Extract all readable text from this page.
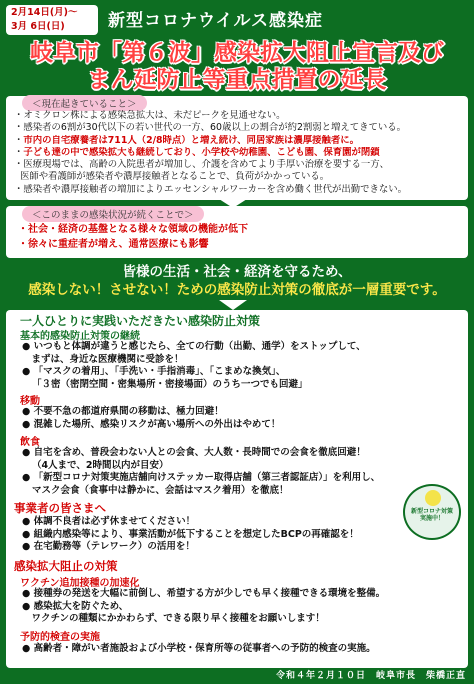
2月14日(月)～
3月 6日(日)	新型コロナウイルス感染症
岐阜市「第６波」感染拡大阻止宣言及び
まん延防止等重点措置の延長
＜現在起きていること＞
・オミクロン株による感染急拡大は、未だピークを見通せない。
・感染者の6割が30代以下の若い世代の一方、60歳以上の割合が約2割弱と増えてきている。
・市内の自宅療養者は711人（2/8時点）と増え続け、同居家族は濃厚接触者に。
・子ども達の中で感染拡大も継続しており、小学校や幼稚園、こども園、保育園が閉鎖
・医療現場では、高齢の入院患者が増加し、介護を含めてより手厚い治療を要する一方、
医師や看護師が感染者や濃厚接触者となることで、負荷がかかっている。
・感染者や濃厚接触者の増加によりエッセンシャルワーカーを含め働く世代が出勤できない。
＜このままの感染状況が続くことで＞
・ 社会・経済の基盤となる様々な領域の機能が低下
・ 徐々に重症者が増え、通常医療にも影響
皆様の生活・社会・経済を守るため、
感染しない！させない！ための感染防止対策の徹底が一層重要です。
一人ひとりに実践いただきたい感染防止対策
基本的感染防止対策の継続
● いつもと体調が違うと感じたら、全ての行動（出勤、通学）をストップして、
　まずは、身近な医療機関に受診を！
● 「マスクの着用」、「手洗い・手指消毒」、「こまめな換気」、
「３密（密閉空間・密集場所・密接場面）のうち一つでも回避」
移動
● 不要不急の都道府県間の移動は、極力回避！
● 混雑した場所、感染リスクが高い場所への外出はやめて！
飲食
● 自宅を含め、普段会わない人との会食、大人数・長時間での会食を徹底回避！
（4人まで、2時間以内が目安）
● 「新型コロナ対策実施店舗向けステッカー取得店舗（第三者認証店）」を利用し、
マスク会食（食事中は静かに、会話はマスク着用）を徹底！
事業者の皆さまへ
● 体調不良者は必ず休ませてください！
● 組織内感染等により、事業活動が低下することを想定したBCPの再確認を！
● 在宅勤務等（テレワーク）の活用を！
感染拡大阻止の対策
ワクチン追加接種の加速化
● 接種券の発送を大幅に前倒し、希望する方が少しでも早く接種できる環境を整備。
● 感染拡大を防ぐため、
　ワクチンの種類にかかわらず、できる限り早く接種をお願いします！
予防的検査の実施
● 高齢者・障がい者施設および小学校・保育所等の従事者への予防的検査の実施。
新型コロナ対策
実施中！
令和４年２月１０日　岐阜市長　柴橋正直
